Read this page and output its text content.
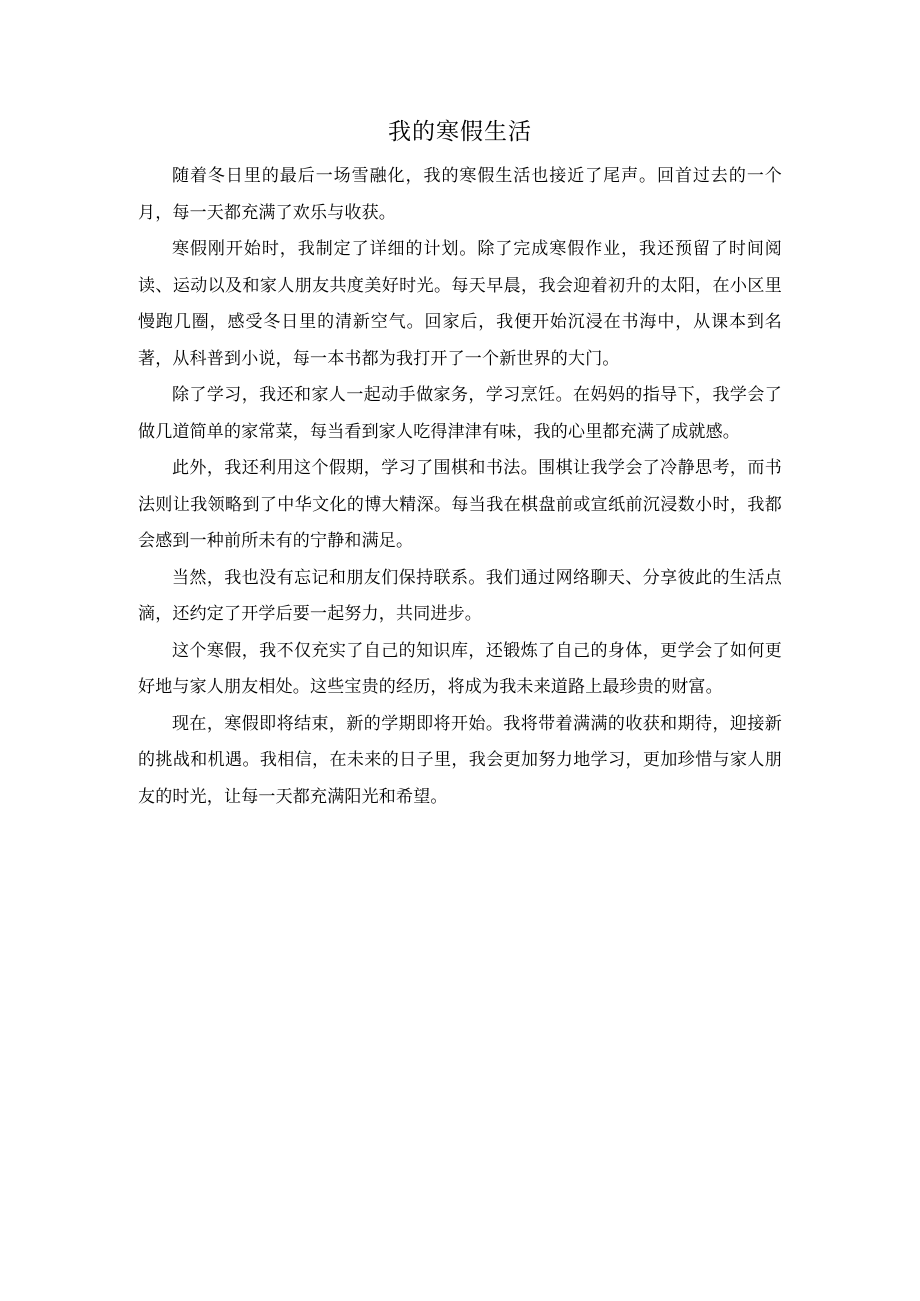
我的寒假生活

随着冬日里的最后一场雪融化，我的寒假生活也接近了尾声。回首过去的一个月，每一天都充满了欢乐与收获。

寒假刚开始时，我制定了详细的计划。除了完成寒假作业，我还预留了时间阅读、运动以及和家人朋友共度美好时光。每天早晨，我会迎着初升的太阳，在小区里慢跑几圈，感受冬日里的清新空气。回家后，我便开始沉浸在书海中，从课本到名著，从科普到小说，每一本书都为我打开了一个新世界的大门。

除了学习，我还和家人一起动手做家务，学习烹饪。在妈妈的指导下，我学会了做几道简单的家常菜，每当看到家人吃得津津有味，我的心里都充满了成就感。

此外，我还利用这个假期，学习了围棋和书法。围棋让我学会了冷静思考，而书法则让我领略到了中华文化的博大精深。每当我在棋盘前或宣纸前沉浸数小时，我都会感到一种前所未有的宁静和满足。

当然，我也没有忘记和朋友们保持联系。我们通过网络聊天、分享彼此的生活点滴，还约定了开学后要一起努力，共同进步。

这个寒假，我不仅充实了自己的知识库，还锻炼了自己的身体，更学会了如何更好地与家人朋友相处。这些宝贵的经历，将成为我未来道路上最珍贵的财富。

现在，寒假即将结束，新的学期即将开始。我将带着满满的收获和期待，迎接新的挑战和机遇。我相信，在未来的日子里，我会更加努力地学习，更加珍惜与家人朋友的时光，让每一天都充满阳光和希望。
